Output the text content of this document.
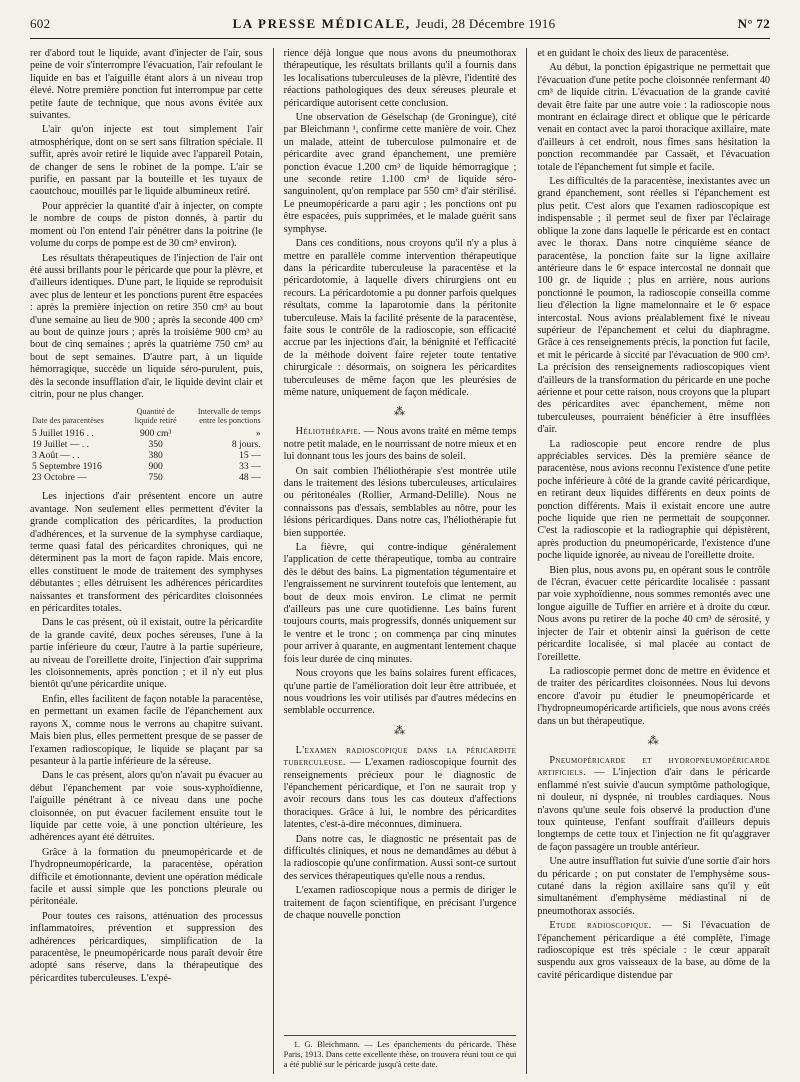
602	LA PRESSE MÉDICALE, Jeudi, 28 Décembre 1916	N° 72

rer d'abord tout le liquide, avant d'injecter de l'air, sous peine de voir s'interrompre l'évacuation, l'air refoulant le liquide en bas et l'aiguille étant alors à un niveau trop élevé. Notre première ponction fut interrompue par cette petite faute de technique, que nous avons évitée aux suivantes.

L'air qu'on injecte est tout simplement l'air atmosphérique, dont on se sert sans filtration spéciale. Il suffit, après avoir retiré le liquide avec l'appareil Potain, de changer de sens le robinet de la pompe. L'air se purifie, en passant par la bouteille et les tuyaux de caoutchouc, mouillés par le liquide albumineux retiré.

Pour apprécier la quantité d'air à injecter, on compte le nombre de coups de piston donnés, à partir du moment où l'on entend l'air pénétrer dans la poitrine (le volume du corps de pompe est de 30 cm³ environ).

Les résultats thérapeutiques de l'injection de l'air ont été aussi brillants pour le péricarde que pour la plèvre, et d'ailleurs identiques. D'une part, le liquide se reproduisit avec plus de lenteur et les ponctions purent être espacées : après la première injection on retire 350 cm³ au bout d'une semaine au lieu de 900 ; après la seconde 400 cm³ au bout de quinze jours ; après la troisième 900 cm³ au bout de cinq semaines ; après la quatrième 750 cm³ au bout de sept semaines. D'autre part, à un liquide hémorragique, succède un liquide séro-purulent, puis, dès la seconde insufflation d'air, le liquide devint clair et citrin, pour ne plus changer.

Date des paracentèses	Quantité de liquide retiré	Intervalle de temps entre les ponctions
5 Juillet 1916 . .	900 cm³	»
19 Juillet — . .	350	8 jours.
3 Août — . .	380	15 —
5 Septembre 1916	900	33 —
23 Octobre —	750	48 —

Les injections d'air présentent encore un autre avantage. Non seulement elles permettent d'éviter la grande complication des péricardites, la production d'adhérences, et la survenue de la symphyse cardiaque, terme quasi fatal des péricardites chroniques, qui ne déterminent pas la mort de façon rapide. Mais encore, elles constituent le mode de traitement des symphyses débutantes ; elles détruisent les adhérences péricardites naissantes et transforment des péricardites cloisonnées en péricardites totales.

Dans le cas présent, où il existait, outre la péricardite de la grande cavité, deux poches séreuses, l'une à la partie inférieure du cœur, l'autre à la partie supérieure, au niveau de l'oreillette droite, l'injection d'air supprima les cloisonnements, après ponction ; et il n'y eut plus bientôt qu'une péricardite unique.

Enfin, elles facilitent de façon notable la paracentèse, en permettant un examen facile de l'épanchement aux rayons X, comme nous le verrons au chapitre suivant. Mais bien plus, elles permettent presque de se passer de l'examen radioscopique, le liquide se plaçant par sa pesanteur à la partie inférieure de la séreuse.

Dans le cas présent, alors qu'on n'avait pu évacuer au début l'épanchement par voie sous-xyphoïdienne, l'aiguille pénétrant à ce niveau dans une poche cloisonnée, on put évacuer facilement ensuite tout le liquide par cette voie, à une ponction ultérieure, les adhérences ayant été détruites.

Grâce à la formation du pneumopéricarde et de l'hydropneumopéricarde, la paracentèse, opération difficile et émotionnante, devient une opération médicale facile et aussi simple que les ponctions pleurale ou péritonéale.

Pour toutes ces raisons, atténuation des processus inflammatoires, prévention et suppression des adhérences péricardiques, simplification de la paracentèse, le pneumopéricarde nous paraît devoir être adopté sans réserve, dans la thérapeutique des péricardites tuberculeuses. L'expé-

rience déjà longue que nous avons du pneumothorax thérapeutique, les résultats brillants qu'il a fournis dans les localisations tuberculeuses de la plèvre, l'identité des réactions pathologiques des deux séreuses pleurale et péricardique autorisent cette conclusion.

Une observation de Géselschap (de Groningue), cité par Bleichmann ¹, confirme cette manière de voir. Chez un malade, atteint de tuberculose pulmonaire et de péricardite avec grand épanchement, une première ponction évacue 1.200 cm³ de liquide hémorragique ; une seconde retire 1.100 cm³ de liquide séro-sanguinolent, qu'on remplace par 550 cm³ d'air stérilisé. Le pneumopéricarde a paru agir ; les ponctions ont pu être espacées, puis supprimées, et le malade guérit sans symphyse.

Dans ces conditions, nous croyons qu'il n'y a plus à mettre en parallèle comme intervention thérapeutique dans la péricardite tuberculeuse la paracentèse et la péricardotomie, à laquelle divers chirurgiens ont eu recours. La péricardotomie a pu donner parfois quelques résultats, comme la laparotomie dans la péritonite tuberculeuse. Mais la facilité présente de la paracentèse, faite sous le contrôle de la radioscopie, son efficacité accrue par les injections d'air, la bénignité et l'efficacité de la méthode doivent faire rejeter toute tentative chirurgicale : désormais, on soignera les péricardites tuberculeuses de même façon que les pleurésies de même nature, uniquement de façon médicale.

⁂

Héliothérapie. — Nous avons traité en même temps notre petit malade, en le nourrissant de notre mieux et en lui donnant tous les jours des bains de soleil.

On sait combien l'héliothérapie s'est montrée utile dans le traitement des lésions tuberculeuses, articulaires ou péritonéales (Rollier, Armand-Delille). Nous ne connaissons pas d'essais, semblables au nôtre, pour les lésions péricardiques. Dans notre cas, l'héliothérapie fut bien supportée.

La fièvre, qui contre-indique généralement l'application de cette thérapeutique, tomba au contraire dès le début des bains. La pigmentation tégumentaire et l'engraissement ne survinrent toutefois que lentement, au bout de deux mois environ. Le climat ne permit d'ailleurs pas une cure quotidienne. Les bains furent toujours courts, mais progressifs, donnés uniquement sur le ventre et le tronc ; on commença par cinq minutes pour arriver à quarante, en augmentant lentement chaque fois leur durée de cinq minutes.

Nous croyons que les bains solaires furent efficaces, qu'une partie de l'amélioration doit leur être attribuée, et nous voudrions les voir utilisés par d'autres médecins en semblable occurrence.

⁂

L'examen radioscopique dans la péricardite tuberculeuse. — L'examen radioscopique fournit des renseignements précieux pour le diagnostic de l'épanchement péricardique, et l'on ne saurait trop y avoir recours dans tous les cas douteux d'affections thoraciques. Grâce à lui, le nombre des péricardites latentes, c'est-à-dire méconnues, diminuera.

Dans notre cas, le diagnostic ne présentait pas de difficultés cliniques, et nous ne demandâmes au début à la radioscopie qu'une confirmation. Aussi sont-ce surtout des services thérapeutiques qu'elle nous a rendus.

L'examen radioscopique nous a permis de diriger le traitement de façon scientifique, en précisant l'urgence de chaque nouvelle ponction

1. G. Bleichmann. — Les épanchements du péricarde. Thèse Paris, 1913. Dans cette excellente thèse, on trouvera réuni tout ce qui a été publié sur le péricarde jusqu'à cette date.

et en guidant le choix des lieux de paracentèse.

Au début, la ponction épigastrique ne permettait que l'évacuation d'une petite poche cloisonnée renfermant 40 cm³ de liquide citrin. L'évacuation de la grande cavité devait être faite par une autre voie : la radioscopie nous montrant en éclairage direct et oblique que le péricarde venait en contact avec la paroi thoracique axillaire, mate d'ailleurs à cet endroit, nous fîmes sans hésitation la ponction recommandée par Cassaët, et l'évacuation totale de l'épanchement fut simple et facile.

Les difficultés de la paracentèse, inexistantes avec un grand épanchement, sont réelles si l'épanchement est plus petit. C'est alors que l'examen radioscopique est indispensable ; il permet seul de fixer par l'éclairage oblique la zone dans laquelle le péricarde est en contact avec le thorax. Dans notre cinquième séance de paracentèse, la ponction faite sur la ligne axillaire antérieure dans le 6ᵉ espace intercostal ne donnait que 100 gr. de liquide ; plus en arrière, nous aurions ponctionné le poumon, la radioscopie conseilla comme lieu d'élection la ligne mamelonnaire et le 6ᵉ espace intercostal. Nous avions préalablement fixé le niveau supérieur de l'épanchement et celui du diaphragme. Grâce à ces renseignements précis, la ponction fut facile, et mit le péricarde à siccité par l'évacuation de 900 cm³. La précision des renseignements radioscopiques vient d'ailleurs de la transformation du péricarde en une poche aérienne et pour cette raison, nous croyons que la plupart des péricardites avec épanchement, même non tuberculeuses, pourraient bénéficier à être insufflées d'air.

La radioscopie peut encore rendre de plus appréciables services. Dès la première séance de paracentèse, nous avions reconnu l'existence d'une petite poche inférieure à côté de la grande cavité péricardique, en retirant deux liquides différents en deux points de ponction différents. Mais il existait encore une autre poche liquide que rien ne permettait de soupçonner. C'est la radioscopie et la radiographie qui dépistèrent, après production du pneumopéricarde, l'existence d'une poche liquide ignorée, au niveau de l'oreillette droite.

Bien plus, nous avons pu, en opérant sous le contrôle de l'écran, évacuer cette péricardite localisée : passant par voie xyphoïdienne, nous sommes remontés avec une longue aiguille de Tuffier en arrière et à droite du cœur. Nous avons pu retirer de la poche 40 cm³ de sérosité, y injecter de l'air et obtenir ainsi la guérison de cette péricardite localisée, si mal placée au contact de l'oreillette.

La radioscopie permet donc de mettre en évidence et de traiter des péricardites cloisonnées. Nous lui devons encore d'avoir pu étudier le pneumopéricarde et l'hydropneumopéricarde artificiels, que nous avons créés dans un but thérapeutique.

⁂

Pneumopéricarde et hydropneumopéricarde artificiels. — L'injection d'air dans le péricarde enflammé n'est suivie d'aucun symptôme pathologique, ni douleur, ni dyspnée, ni troubles cardiaques. Nous n'avons qu'une seule fois observé la production d'une toux quinteuse, l'enfant souffrait d'ailleurs depuis longtemps de cette toux et l'injection ne fit qu'aggraver de façon passagère un trouble antérieur.

Une autre insufflation fut suivie d'une sortie d'air hors du péricarde ; on put constater de l'emphysème sous-cutané dans la région axillaire sans qu'il y eût simultanément d'emphysème médiastinal ni de pneumothorax associés.

Etude radioscopique. — Si l'évacuation de l'épanchement péricardique a été complète, l'image radioscopique est très spéciale : le cœur apparaît suspendu aux gros vaisseaux de la base, au dôme de la cavité péricardique distendue par
